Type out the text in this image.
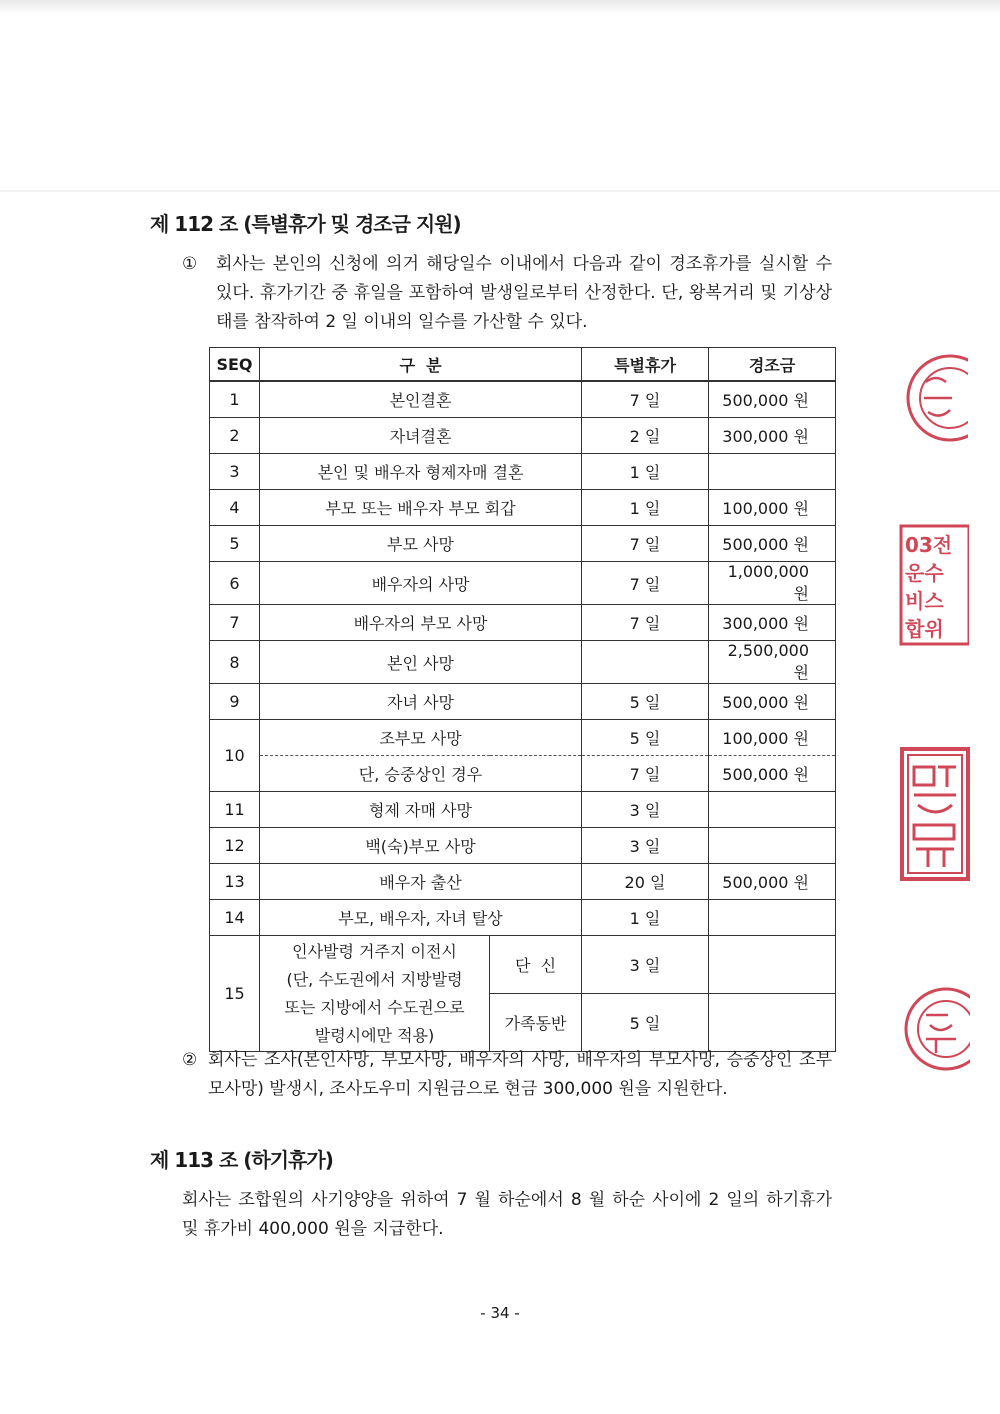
제 112 조 (특별휴가 및 경조금 지원)
①	회사는 본인의 신청에 의거 해당일수 이내에서 다음과 같이 경조휴가를 실시할 수 있다. 휴가기간 중 휴일을 포함하여 발생일로부터 산정한다. 단, 왕복거리 및 기상상태를 참작하여 2 일 이내의 일수를 가산할 수 있다.
SEQ	구  분		특별휴가	경조금
1	본인결혼		7 일	500,000 원
2	자녀결혼		2 일	300,000 원
3	본인 및 배우자 형제자매 결혼		1 일	
4	부모 또는 배우자 부모 회갑		1 일	100,000 원
5	부모 사망		7 일	500,000 원
6	배우자의 사망		7 일	1,000,000 원
7	배우자의 부모 사망		7 일	300,000 원
8	본인 사망			2,500,000 원
9	자녀 사망		5 일	500,000 원
10	조부모 사망		5 일	100,000 원
	단, 승중상인 경우		7 일	500,000 원
11	형제 자매 사망		3 일	
12	백(숙)부모 사망		3 일	
13	배우자 출산		20 일	500,000 원
14	부모, 배우자, 자녀 탈상		1 일	
15	인사발령 거주지 이전시
(단, 수도권에서 지방발령
또는 지방에서 수도권으로
발령시에만 적용)	단  신	3 일	
		가족동반	5 일	
② 회사는 조사(본인사망, 부모사망, 배우자의 사망, 배우자의 부모사망, 승중상인 조부모사망) 발생시, 조사도우미 지원금으로 현금 300,000 원을 지원한다.
제 113 조 (하기휴가)
회사는 조합원의 사기양양을 위하여 7 월 하순에서 8 월 하순 사이에 2 일의 하기휴가 및 휴가비 400,000 원을 지급한다.
- 34 -
03전
운수
비스
합위
